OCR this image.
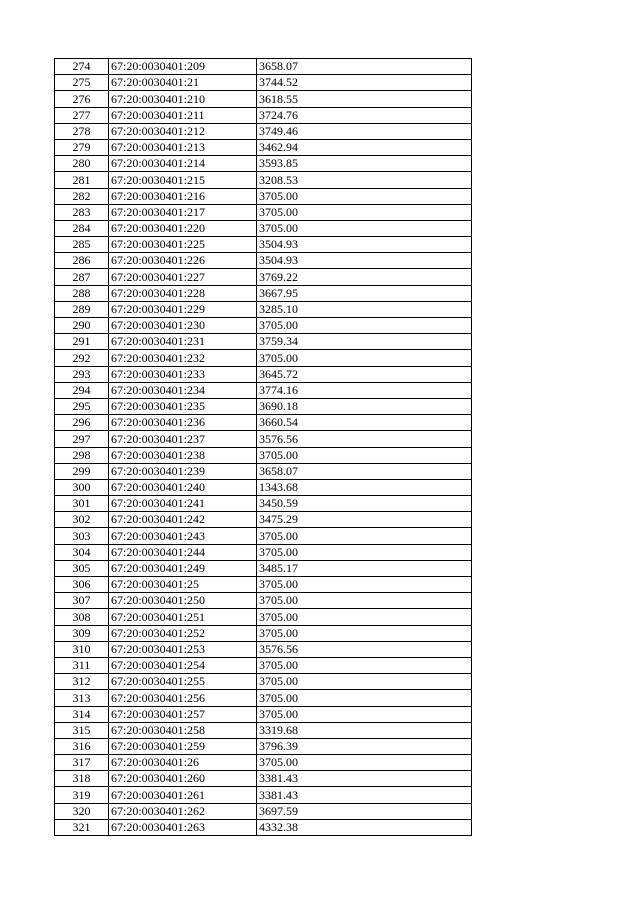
274	67:20:0030401:209	3658.07
275	67:20:0030401:21	3744.52
276	67:20:0030401:210	3618.55
277	67:20:0030401:211	3724.76
278	67:20:0030401:212	3749.46
279	67:20:0030401:213	3462.94
280	67:20:0030401:214	3593.85
281	67:20:0030401:215	3208.53
282	67:20:0030401:216	3705.00
283	67:20:0030401:217	3705.00
284	67:20:0030401:220	3705.00
285	67:20:0030401:225	3504.93
286	67:20:0030401:226	3504.93
287	67:20:0030401:227	3769.22
288	67:20:0030401:228	3667.95
289	67:20:0030401:229	3285.10
290	67:20:0030401:230	3705.00
291	67:20:0030401:231	3759.34
292	67:20:0030401:232	3705.00
293	67:20:0030401:233	3645.72
294	67:20:0030401:234	3774.16
295	67:20:0030401:235	3690.18
296	67:20:0030401:236	3660.54
297	67:20:0030401:237	3576.56
298	67:20:0030401:238	3705.00
299	67:20:0030401:239	3658.07
300	67:20:0030401:240	1343.68
301	67:20:0030401:241	3450.59
302	67:20:0030401:242	3475.29
303	67:20:0030401:243	3705.00
304	67:20:0030401:244	3705.00
305	67:20:0030401:249	3485.17
306	67:20:0030401:25	3705.00
307	67:20:0030401:250	3705.00
308	67:20:0030401:251	3705.00
309	67:20:0030401:252	3705.00
310	67:20:0030401:253	3576.56
311	67:20:0030401:254	3705.00
312	67:20:0030401:255	3705.00
313	67:20:0030401:256	3705.00
314	67:20:0030401:257	3705.00
315	67:20:0030401:258	3319.68
316	67:20:0030401:259	3796.39
317	67:20:0030401:26	3705.00
318	67:20:0030401:260	3381.43
319	67:20:0030401:261	3381.43
320	67:20:0030401:262	3697.59
321	67:20:0030401:263	4332.38
